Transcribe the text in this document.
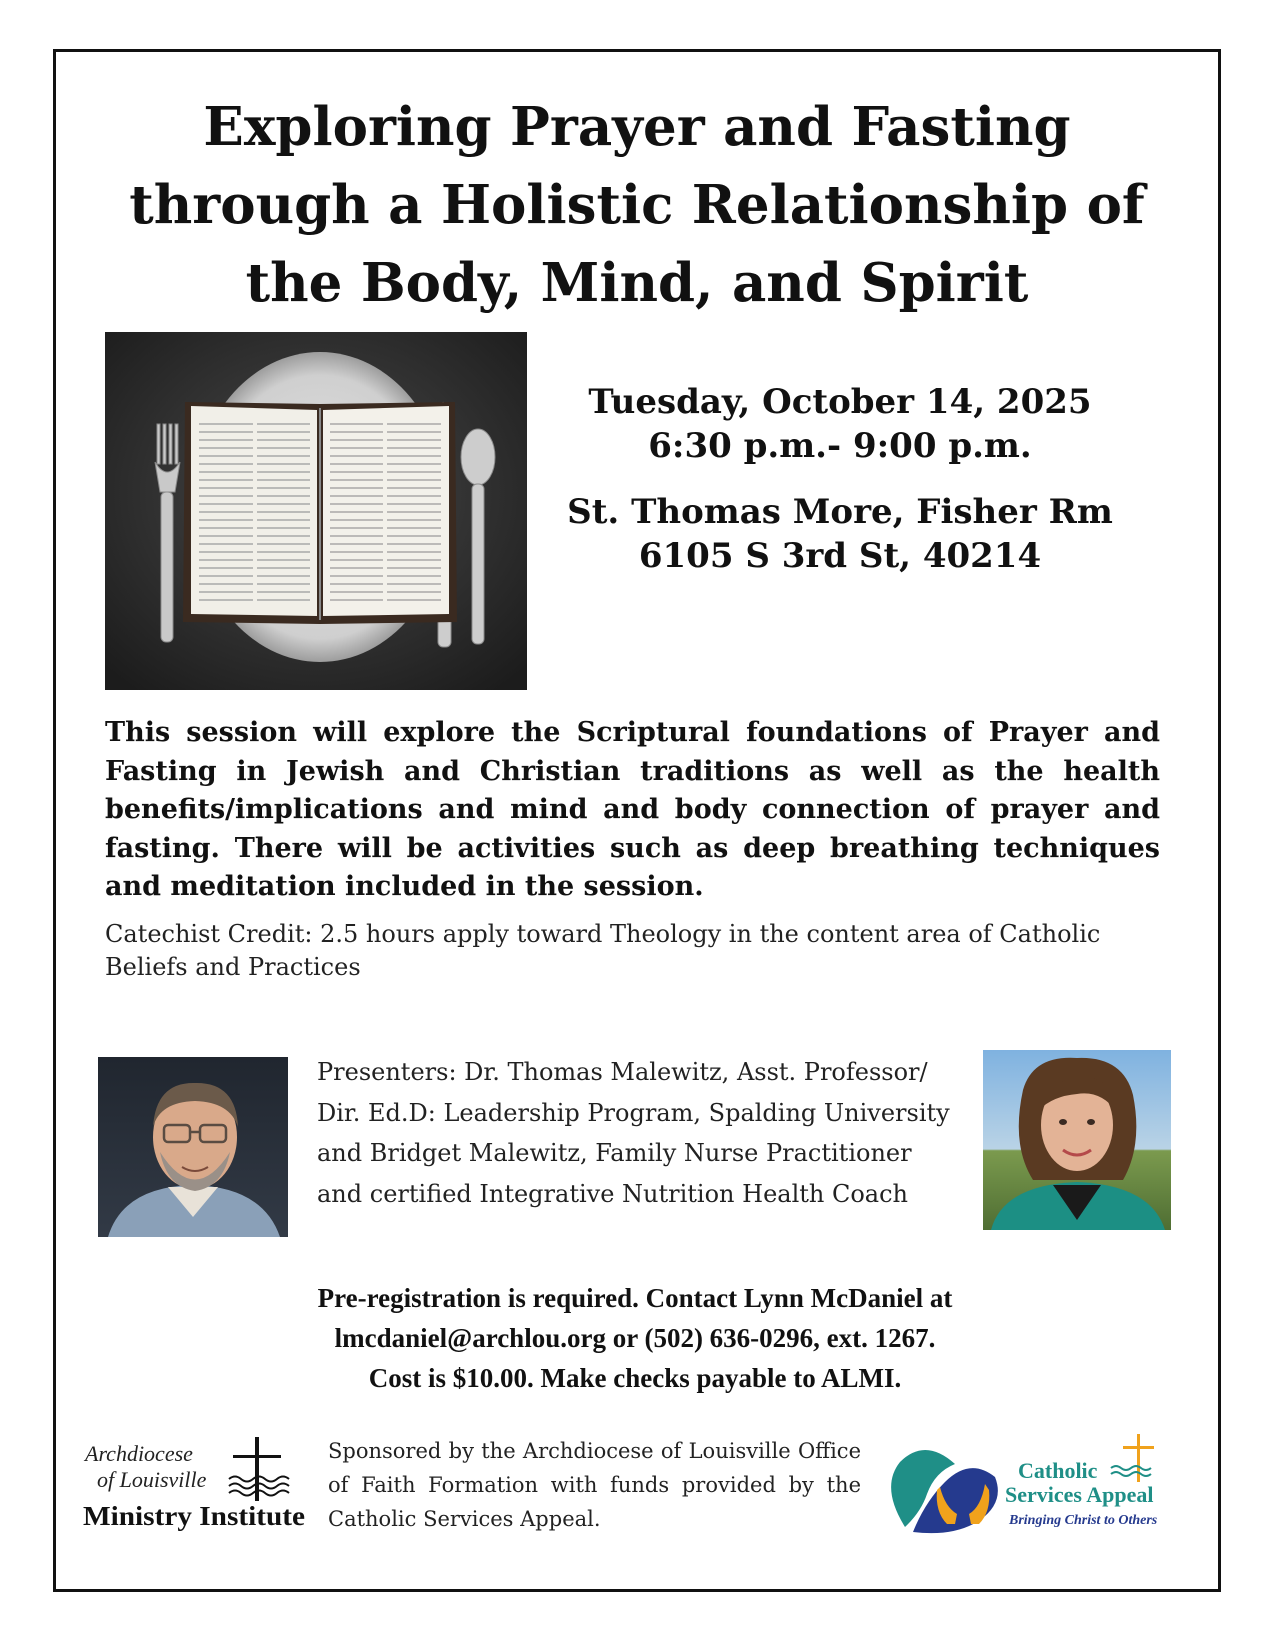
Exploring Prayer and Fasting
through a Holistic Relationship of
the Body, Mind, and Spirit
Tuesday, October 14, 2025
6:30 p.m.- 9:00 p.m.
St. Thomas More, Fisher Rm
6105 S 3rd St, 40214

This session will explore the Scriptural foundations of Prayer and Fasting in Jewish and Christian traditions as well as the health benefits/implications and mind and body connection of prayer and fasting. There will be activities such as deep breathing techniques and meditation included in the session.

Catechist Credit: 2.5 hours apply toward Theology in the content area of Catholic Beliefs and Practices

Presenters: Dr. Thomas Malewitz, Asst. Professor/ Dir. Ed.D: Leadership Program, Spalding University and Bridget Malewitz, Family Nurse Practitioner and certified Integrative Nutrition Health Coach

Pre-registration is required. Contact Lynn McDaniel at
lmcdaniel@archlou.org or (502) 636-0296, ext. 1267.
Cost is $10.00. Make checks payable to ALMI.
Archdiocese
of Louisville
Ministry Institute

Sponsored by the Archdiocese of Louisville Office of Faith Formation with funds provided by the Catholic Services Appeal.

Catholic
Services Appeal
Bringing Christ to Others
